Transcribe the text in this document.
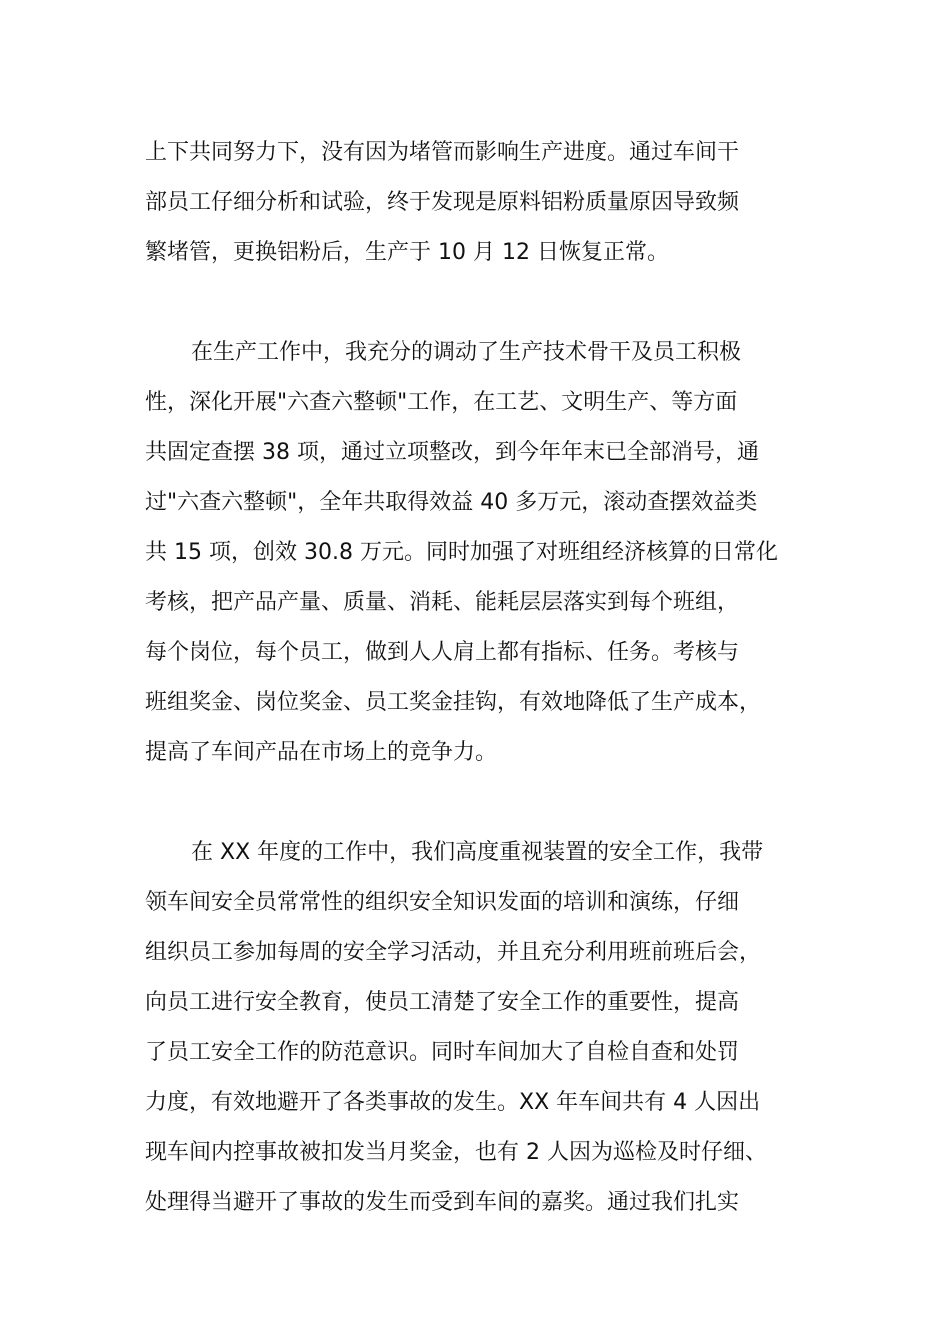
上下共同努力下，没有因为堵管而影响生产进度。通过车间干
部员工仔细分析和试验，终于发现是原料铝粉质量原因导致频
繁堵管，更换铝粉后，生产于 10 月 12 日恢复正常。
在生产工作中，我充分的调动了生产技术骨干及员工积极
性，深化开展"六查六整顿"工作，在工艺、文明生产、等方面
共固定查摆 38 项，通过立项整改，到今年年末已全部消号，通
过"六查六整顿"，全年共取得效益 40 多万元，滚动查摆效益类
共 15 项，创效 30.8 万元。同时加强了对班组经济核算的日常化
考核，把产品产量、质量、消耗、能耗层层落实到每个班组，
每个岗位，每个员工，做到人人肩上都有指标、任务。考核与
班组奖金、岗位奖金、员工奖金挂钩，有效地降低了生产成本，
提高了车间产品在市场上的竞争力。
在 XX 年度的工作中，我们高度重视装置的安全工作，我带
领车间安全员常常性的组织安全知识发面的培训和演练，仔细
组织员工参加每周的安全学习活动，并且充分利用班前班后会，
向员工进行安全教育，使员工清楚了安全工作的重要性，提高
了员工安全工作的防范意识。同时车间加大了自检自查和处罚
力度，有效地避开了各类事故的发生。XX 年车间共有 4 人因出
现车间内控事故被扣发当月奖金，也有 2 人因为巡检及时仔细、
处理得当避开了事故的发生而受到车间的嘉奖。通过我们扎实
